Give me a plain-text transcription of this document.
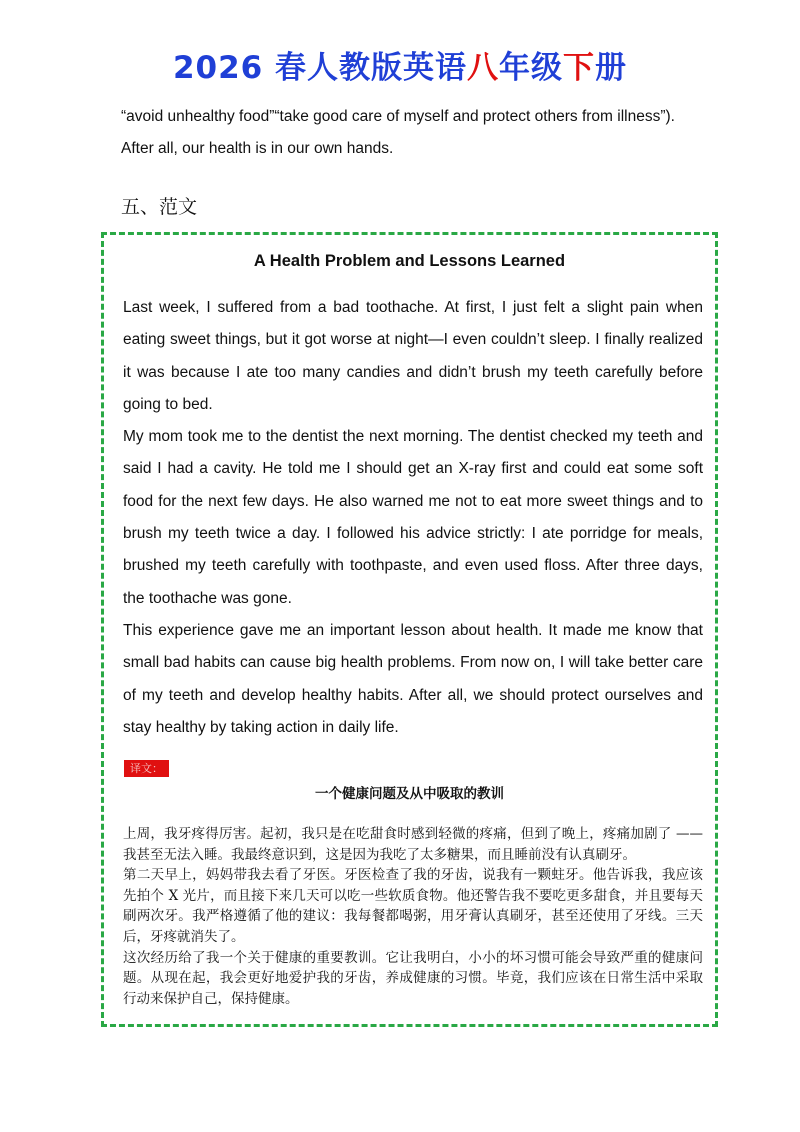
2026 春人教版英语八年级下册

“avoid unhealthy food”“take good care of myself and protect others from illness”).

After all, our health is in our own hands.

五、范文
A Health Problem and Lessons Learned

Last week, I suffered from a bad toothache. At first, I just felt a slight pain when eating sweet things, but it got worse at night—I even couldn’t sleep. I finally realized it was because I ate too many candies and didn’t brush my teeth carefully before going to bed.

My mom took me to the dentist the next morning. The dentist checked my teeth and said I had a cavity. He told me I should get an X-ray first and could eat some soft food for the next few days. He also warned me not to eat more sweet things and to brush my teeth twice a day. I followed his advice strictly: I ate porridge for meals, brushed my teeth carefully with toothpaste, and even used floss. After three days, the toothache was gone.

This experience gave me an important lesson about health. It made me know that small bad habits can cause big health problems. From now on, I will take better care of my teeth and develop healthy habits. After all, we should protect ourselves and stay healthy by taking action in daily life.

译文：
一个健康问题及从中吸取的教训

上周，我牙疼得厉害。起初，我只是在吃甜食时感到轻微的疼痛，但到了晚上，疼痛加剧了 —— 我甚至无法入睡。我最终意识到，这是因为我吃了太多糖果，而且睡前没有认真刷牙。

第二天早上，妈妈带我去看了牙医。牙医检查了我的牙齿，说我有一颗蛀牙。他告诉我，我应该先拍个 X 光片，而且接下来几天可以吃一些软质食物。他还警告我不要吃更多甜食，并且要每天刷两次牙。我严格遵循了他的建议：我每餐都喝粥，用牙膏认真刷牙，甚至还使用了牙线。三天后，牙疼就消失了。

这次经历给了我一个关于健康的重要教训。它让我明白，小小的坏习惯可能会导致严重的健康问题。从现在起，我会更好地爱护我的牙齿，养成健康的习惯。毕竟，我们应该在日常生活中采取行动来保护自己，保持健康。
